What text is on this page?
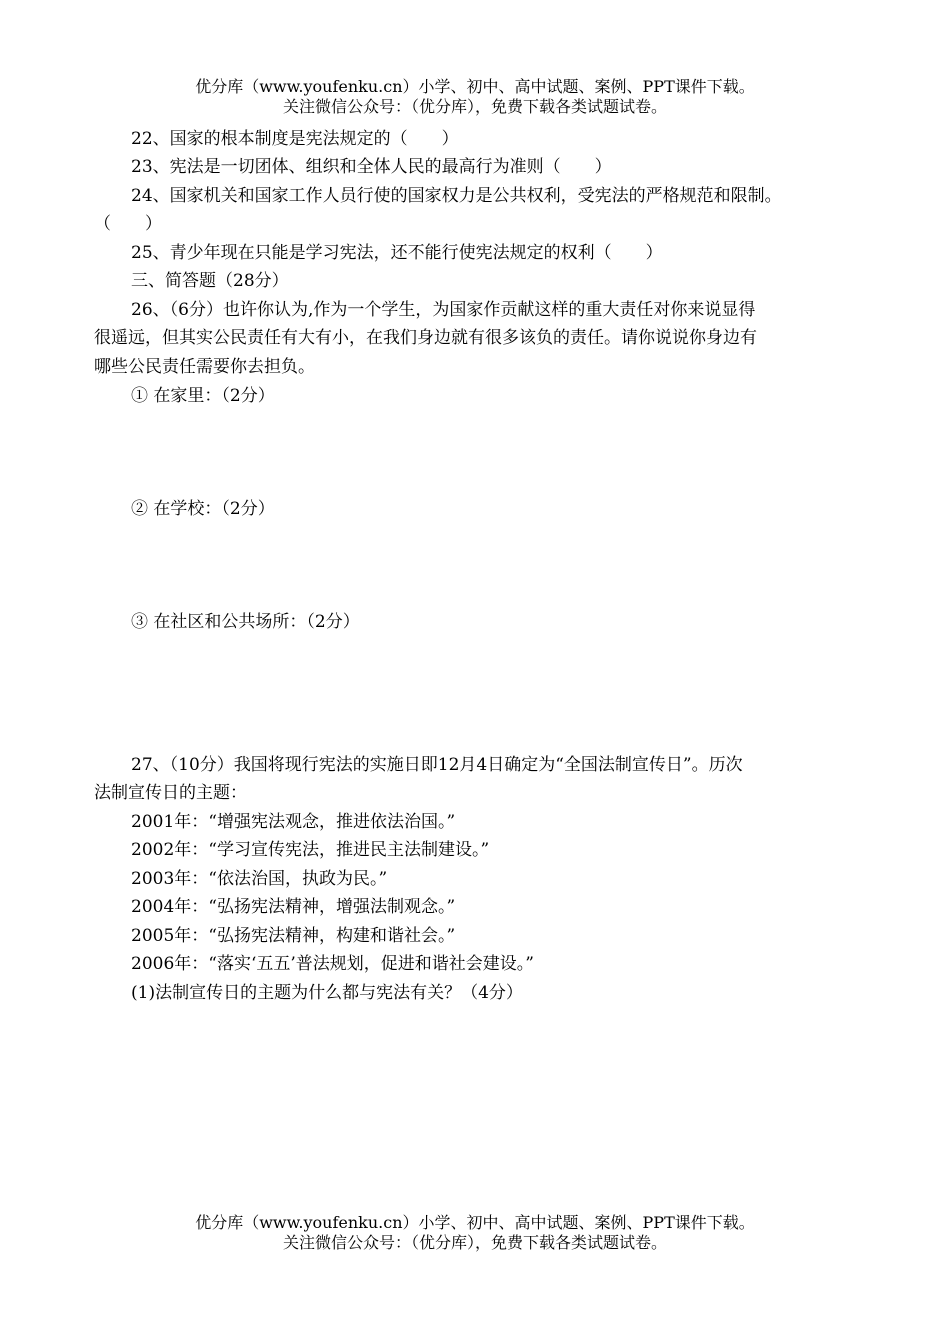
优分库（www.youfenku.cn）小学、初中、高中试题、案例、PPT课件下载。

关注微信公众号：（优分库），免费下载各类试题试卷。

22、国家的根本制度是宪法规定的（　　）

23、宪法是一切团体、组织和全体人民的最高行为准则（　　）

24、国家机关和国家工作人员行使的国家权力是公共权利，受宪法的严格规范和限制。

（　　）

25、青少年现在只能是学习宪法，还不能行使宪法规定的权利（　　）

三、简答题（28分）

26、（6分）也许你认为,作为一个学生，为国家作贡献这样的重大责任对你来说显得

很遥远，但其实公民责任有大有小，在我们身边就有很多该负的责任。请你说说你身边有

哪些公民责任需要你去担负。

① 在家里：（2分）

② 在学校：（2分）

③ 在社区和公共场所：（2分）

27、（10分）我国将现行宪法的实施日即12月4日确定为“全国法制宣传日”。历次

法制宣传日的主题：

2001年：“增强宪法观念，推进依法治国。”

2002年：“学习宣传宪法，推进民主法制建设。”

2003年：“依法治国，执政为民。”

2004年：“弘扬宪法精神，增强法制观念。”

2005年：“弘扬宪法精神，构建和谐社会。”

2006年：“落实‘五五’普法规划，促进和谐社会建设。”

(1)法制宣传日的主题为什么都与宪法有关？（4分）

优分库（www.youfenku.cn）小学、初中、高中试题、案例、PPT课件下载。

关注微信公众号：（优分库），免费下载各类试题试卷。
